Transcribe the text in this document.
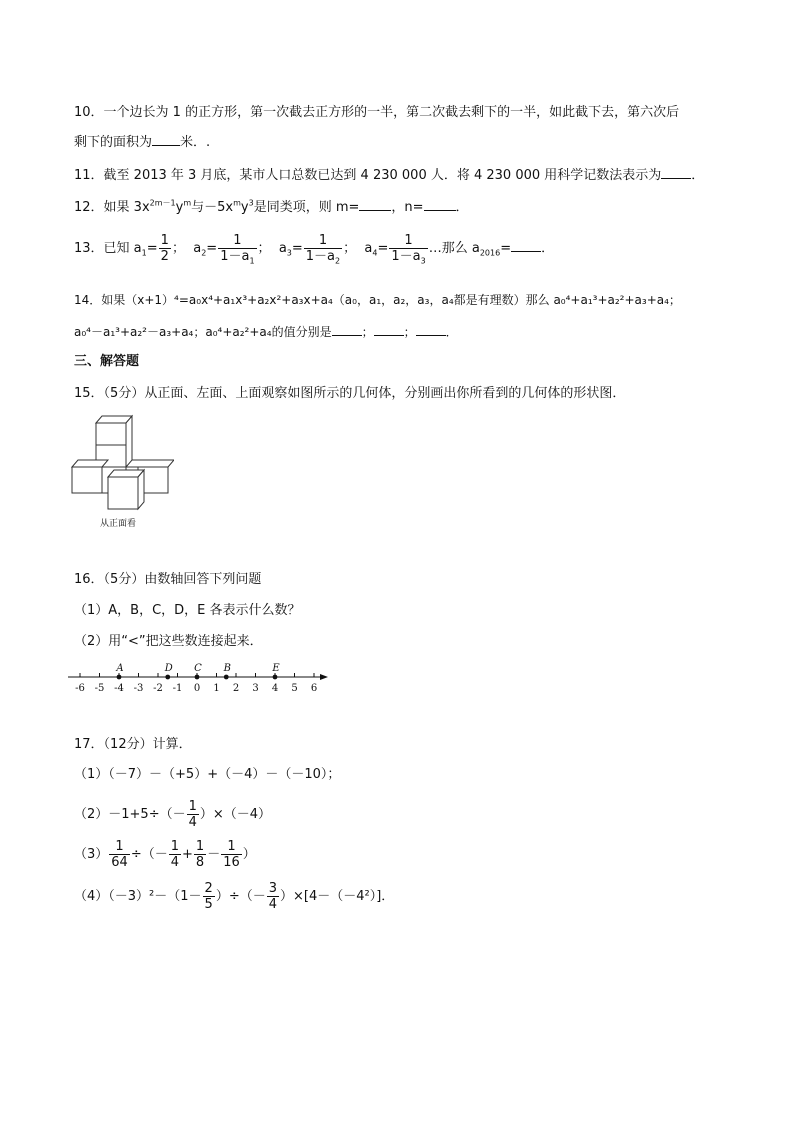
10．一个边长为 1 的正方形，第一次截去正方形的一半，第二次截去剩下的一半，如此截下去，第六次后
剩下的面积为 米．.
11．截至 2013 年 3 月底，某市人口总数已达到 4 230 000 人．将 4 230 000 用科学记数法表示为 ．
12．如果 $3x^{2m-1}y^m$与$-5x^my^3$是同类项，则 m= ，n= ．
13．已知 $a_1= \frac{1}{2}$ ； $a_2= \frac{1}{1-a_1}$ ； $a_3= \frac{1}{1-a_2}$ ； $a_4= \frac{1}{1-a_3}$ …那么 $a_{2016}=$ ．
14．如果（x+1）⁴=a₀x⁴+a₁x³+a₂x²+a₃x+a₄（a₀，a₁，a₂，a₃，a₄都是有理数）那么 a₀⁴+a₁³+a₂²+a₃+a₄；
a₀⁴－a₁³+a₂²－a₃+a₄；a₀⁴+a₂²+a₄的值分别是	；	；	．
三、解答题
15．（5分）从正面、左面、上面观察如图所示的几何体，分别画出你所看到的几何体的形状图．
从正面看
16．（5分）由数轴回答下列问题
（1）A，B，C，D，E 各表示什么数？
（2）用“<”把这些数连接起来．
-6 -5 -4 -3 -2 -1 0 1 2 3 4 5 6
A	D C B	E
17．（12分）计算．
（1）（－7）－（+5）+（－4）－（－10）；
$(2)-1+5\div(- \frac{1}{4} )\times(-4)$
$(3) \frac{1}{64}$ ÷（－ $\frac{1}{4} + \frac{1}{8} - \frac{1}{16}$ ）
$(4)(-3)^2-(1- \frac{2}{5}$ ）÷（－ $\frac{3}{4} )\times[4-(-4^2)]$．
